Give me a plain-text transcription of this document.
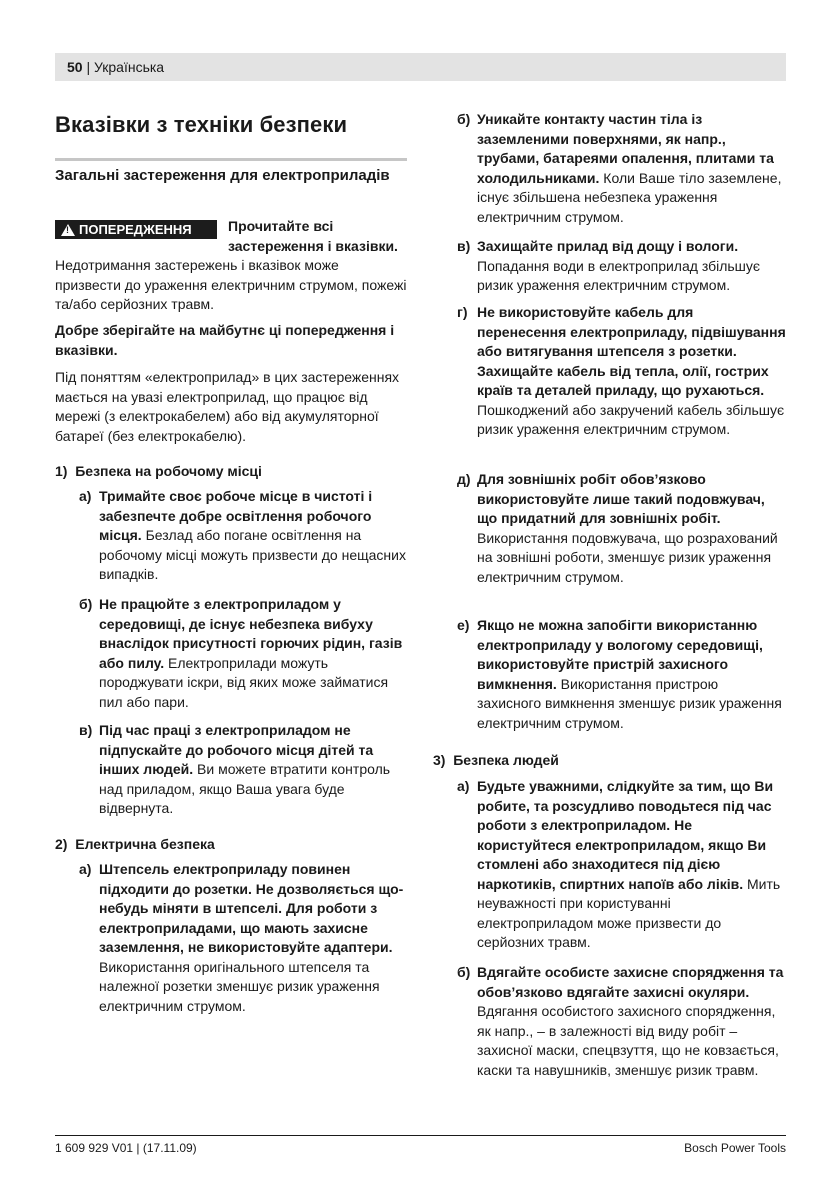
50 | Українська
Вказівки з техніки безпеки
Загальні застереження для електроприладів
!
ПОПЕРЕДЖЕННЯ	Прочитайте всі застереження і вказівки.
Недотримання застережень і вказівок може призвести до ураження електричним струмом, пожежі та/або серйозних травм.
Добре зберігайте на майбутнє ці попередження і вказівки.
Під поняттям «електроприлад» в цих застереженнях мається на увазі електроприлад, що працює від мережі (з електрокабелем) або від акумуляторної батареї (без електрокабелю).
1) Безпека на робочому місці
а) Тримайте своє робоче місце в чистоті і забезпечте добре освітлення робочого місця. Безлад або погане освітлення на робочому місці можуть призвести до нещасних випадків.
б) Не працюйте з електроприладом у середовищі, де існує небезпека вибуху внаслідок присутності горючих рідин, газів або пилу. Електроприлади можуть породжувати іскри, від яких може займатися пил або пари.
в) Під час праці з електроприладом не підпускайте до робочого місця дітей та інших людей. Ви можете втратити контроль над приладом, якщо Ваша увага буде відвернута.
2) Електрична безпека
а) Штепсель електроприладу повинен підходити до розетки. Не дозволяється що-небудь міняти в штепселі. Для роботи з електроприладами, що мають захисне заземлення, не використовуйте адаптери. Використання оригінального штепселя та належної розетки зменшує ризик ураження електричним струмом.
б) Уникайте контакту частин тіла із заземленими поверхнями, як напр., трубами, батареями опалення, плитами та холодильниками. Коли Ваше тіло заземлене, існує збільшена небезпека ураження електричним струмом.
в) Захищайте прилад від дощу і вологи. Попадання води в електроприлад збільшує ризик ураження електричним струмом.
г) Не використовуйте кабель для перенесення електроприладу, підвішування або витягування штепселя з розетки. Захищайте кабель від тепла, олії, гострих країв та деталей приладу, що рухаються. Пошкоджений або закручений кабель збільшує ризик ураження електричним струмом.
д) Для зовнішніх робіт обов’язково використовуйте лише такий подовжувач, що придатний для зовнішніх робіт. Використання подовжувача, що розрахований на зовнішні роботи, зменшує ризик ураження електричним струмом.
е) Якщо не можна запобігти використанню електроприладу у вологому середовищі, використовуйте пристрій захисного вимкнення. Використання пристрою захисного вимкнення зменшує ризик ураження електричним струмом.
3) Безпека людей
а) Будьте уважними, слідкуйте за тим, що Ви робите, та розсудливо поводьтеся під час роботи з електроприладом. Не користуйтеся електроприладом, якщо Ви стомлені або знаходитеся під дією наркотиків, спиртних напоїв або ліків. Мить неуважності при користуванні електроприладом може призвести до серйозних травм.
б) Вдягайте особисте захисне спорядження та обов’язково вдягайте захисні окуляри. Вдягання особистого захисного спорядження, як напр., – в залежності від виду робіт – захисної маски, спецвзуття, що не ковзається, каски та навушників, зменшує ризик травм.
1 609 929 V01 | (17.11.09)	Bosch Power Tools
